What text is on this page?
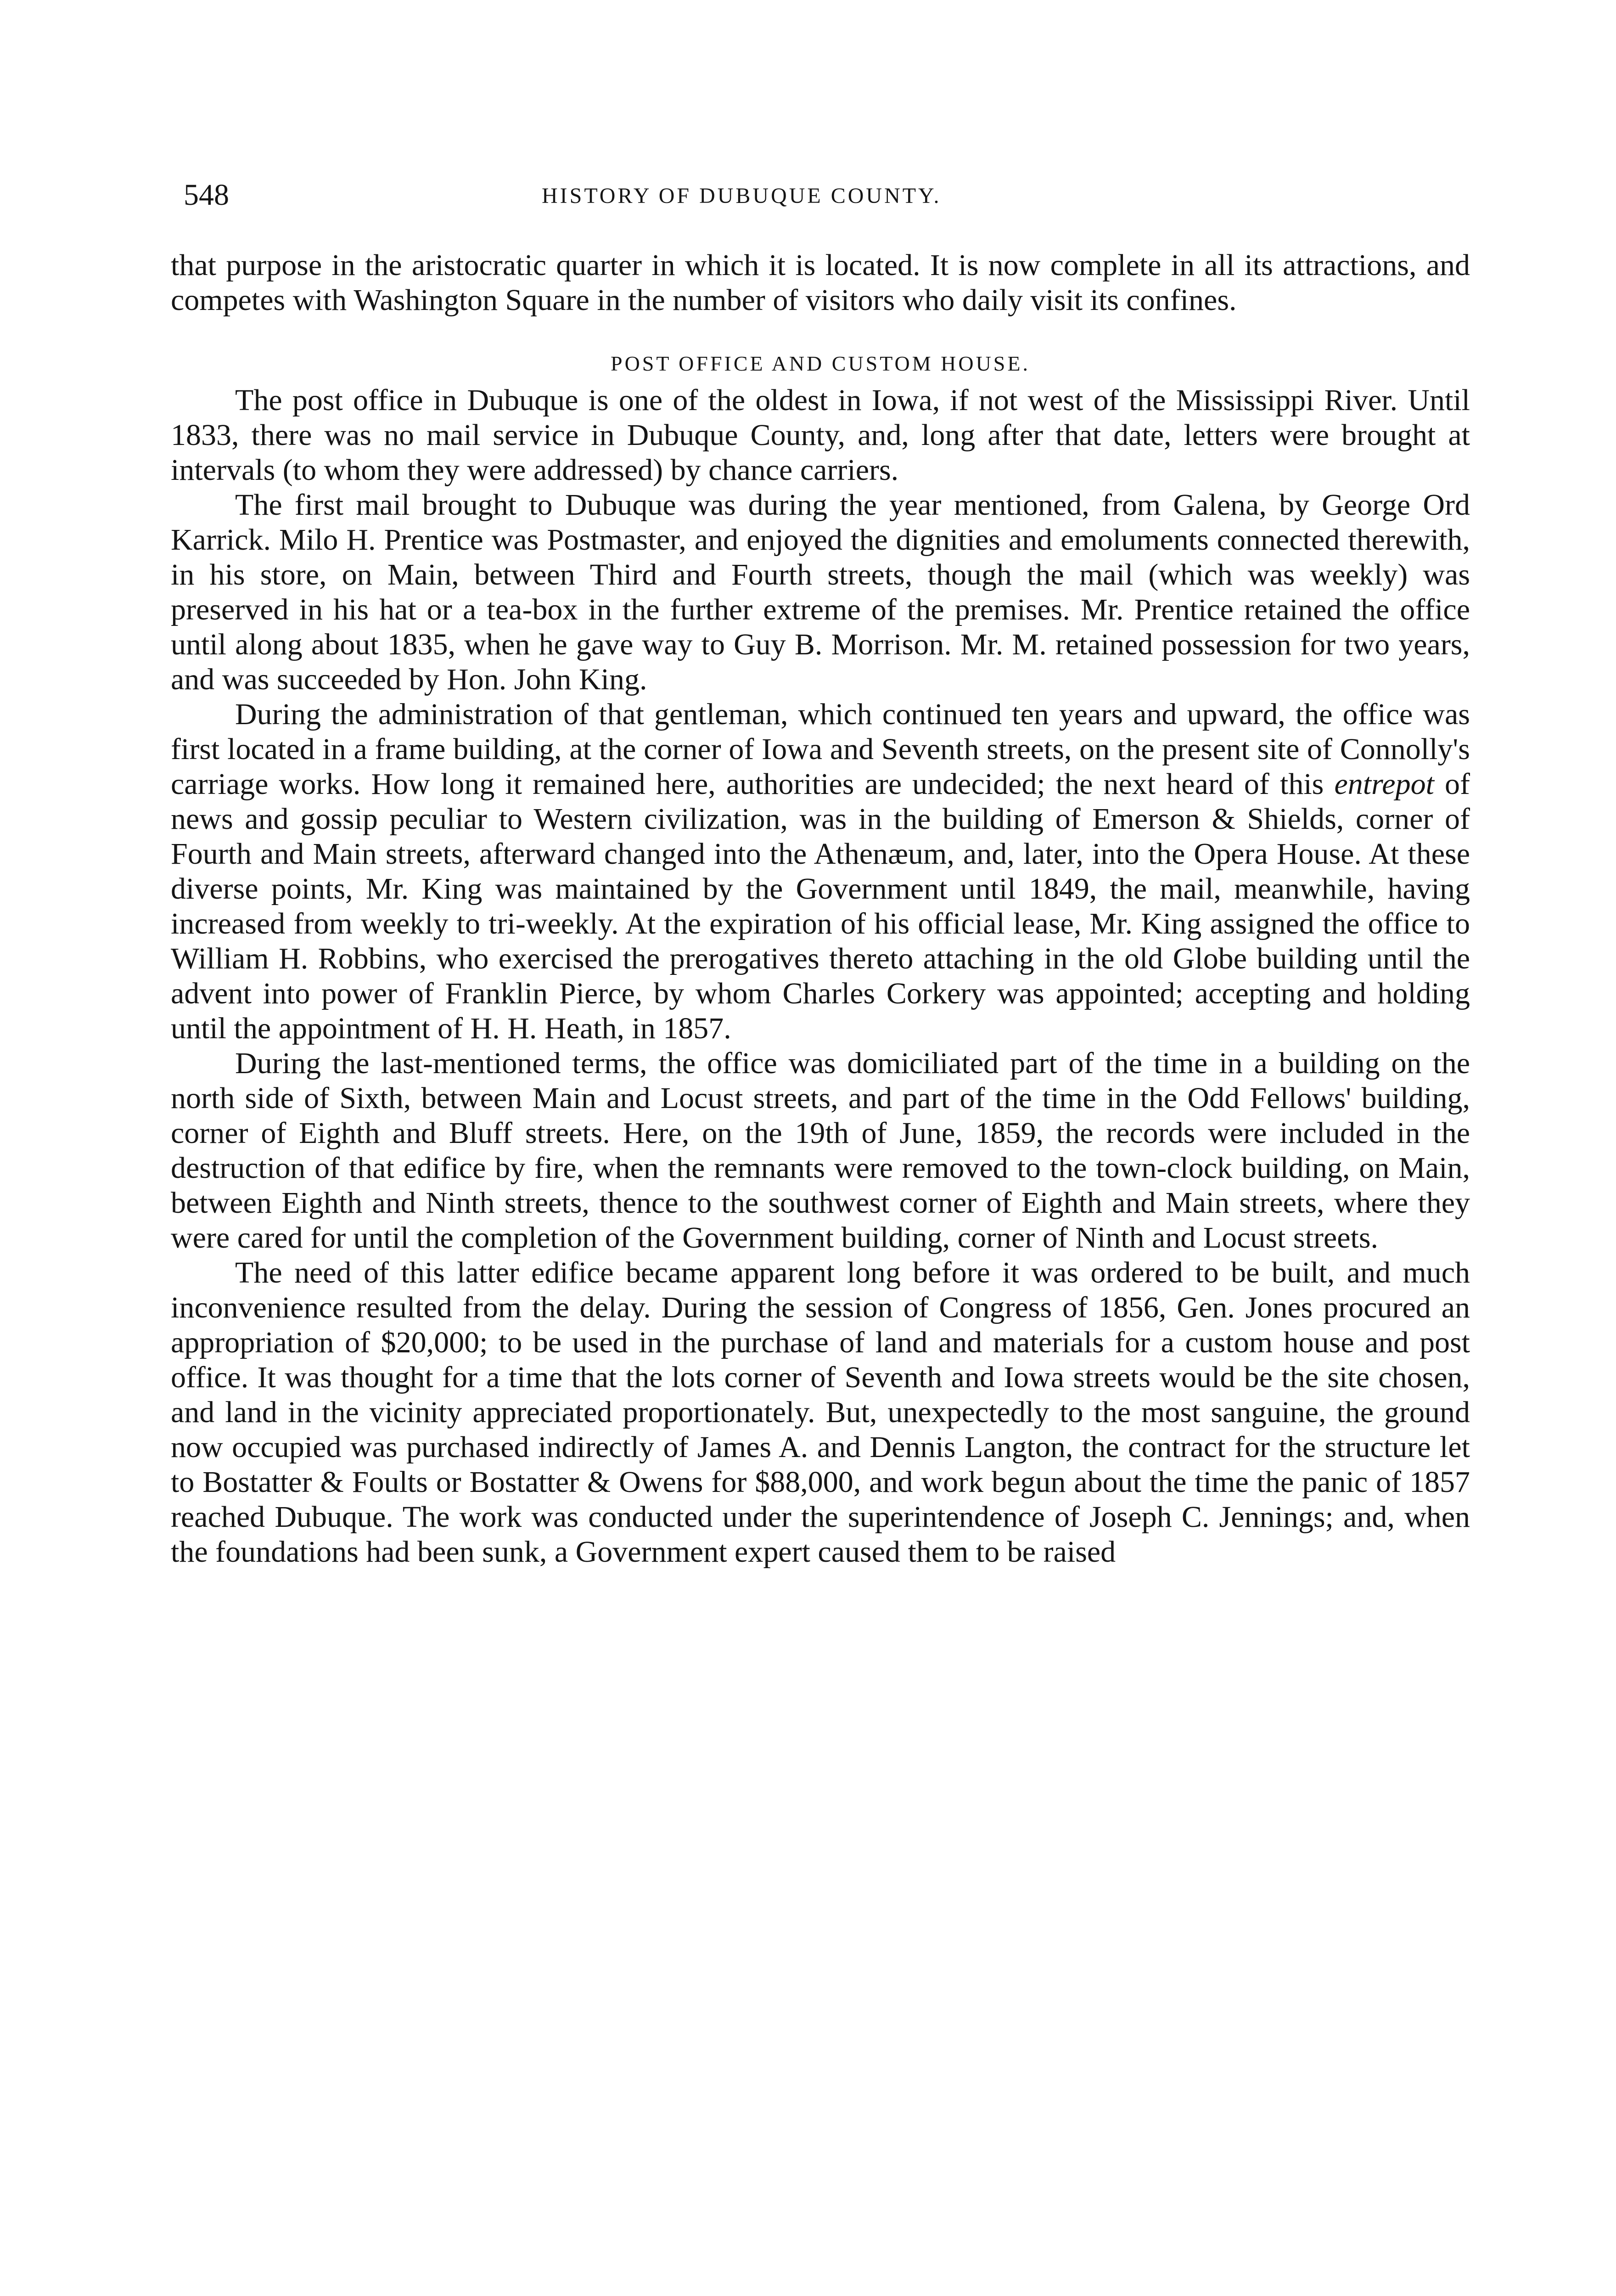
548	HISTORY OF DUBUQUE COUNTY.

that purpose in the aristocratic quarter in which it is located. It is now complete in all its attractions, and competes with Washington Square in the number of visitors who daily visit its confines.

POST OFFICE AND CUSTOM HOUSE.

The post office in Dubuque is one of the oldest in Iowa, if not west of the Mississippi River. Until 1833, there was no mail service in Dubuque County, and, long after that date, letters were brought at intervals (to whom they were addressed) by chance carriers.

The first mail brought to Dubuque was during the year mentioned, from Galena, by George Ord Karrick. Milo H. Prentice was Postmaster, and enjoyed the dignities and emoluments connected therewith, in his store, on Main, between Third and Fourth streets, though the mail (which was weekly) was preserved in his hat or a tea-box in the further extreme of the premises. Mr. Prentice retained the office until along about 1835, when he gave way to Guy B. Morrison. Mr. M. retained possession for two years, and was succeeded by Hon. John King.

During the administration of that gentleman, which continued ten years and upward, the office was first located in a frame building, at the corner of Iowa and Seventh streets, on the present site of Connolly's carriage works. How long it remained here, authorities are undecided; the next heard of this entrepot of news and gossip peculiar to Western civilization, was in the building of Emerson & Shields, corner of Fourth and Main streets, afterward changed into the Athenæum, and, later, into the Opera House. At these diverse points, Mr. King was maintained by the Government until 1849, the mail, meanwhile, having increased from weekly to tri-weekly. At the expiration of his official lease, Mr. King assigned the office to William H. Robbins, who exercised the prerogatives thereto attaching in the old Globe building until the advent into power of Franklin Pierce, by whom Charles Corkery was appointed; accepting and holding until the appointment of H. H. Heath, in 1857.

During the last-mentioned terms, the office was domiciliated part of the time in a building on the north side of Sixth, between Main and Locust streets, and part of the time in the Odd Fellows' building, corner of Eighth and Bluff streets. Here, on the 19th of June, 1859, the records were included in the destruction of that edifice by fire, when the remnants were removed to the town-clock building, on Main, between Eighth and Ninth streets, thence to the southwest corner of Eighth and Main streets, where they were cared for until the completion of the Government building, corner of Ninth and Locust streets.

The need of this latter edifice became apparent long before it was ordered to be built, and much inconvenience resulted from the delay. During the session of Congress of 1856, Gen. Jones procured an appropriation of $20,000; to be used in the purchase of land and materials for a custom house and post office. It was thought for a time that the lots corner of Seventh and Iowa streets would be the site chosen, and land in the vicinity appreciated proportionately. But, unexpectedly to the most sanguine, the ground now occupied was purchased indirectly of James A. and Dennis Langton, the contract for the structure let to Bostatter & Foults or Bostatter & Owens for $88,000, and work begun about the time the panic of 1857 reached Dubuque. The work was conducted under the superintendence of Joseph C. Jennings; and, when the foundations had been sunk, a Government expert caused them to be raised
